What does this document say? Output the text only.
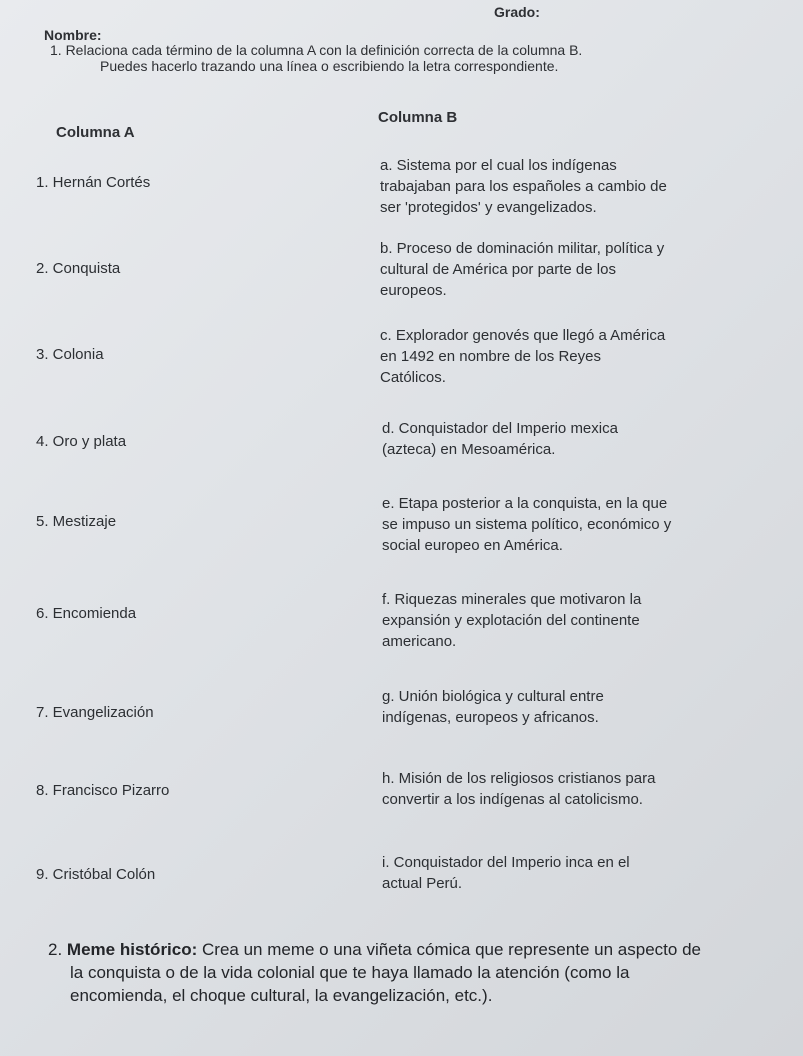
Grado:
Nombre:
1. Relaciona cada término de la columna A con la definición correcta de la columna B.
Puedes hacerlo trazando una línea o escribiendo la letra correspondiente.
Columna B
Columna A
1. Hernán Cortés
2. Conquista
3. Colonia
4. Oro y plata
5. Mestizaje
6. Encomienda
7. Evangelización
8. Francisco Pizarro
9. Cristóbal Colón
a. Sistema por el cual los indígenas
trabajaban para los españoles a cambio de
ser 'protegidos' y evangelizados.
b. Proceso de dominación militar, política y
cultural de América por parte de los
europeos.
c. Explorador genovés que llegó a América
en 1492 en nombre de los Reyes
Católicos.
d. Conquistador del Imperio mexica
(azteca) en Mesoamérica.
e. Etapa posterior a la conquista, en la que
se impuso un sistema político, económico y
social europeo en América.
f. Riquezas minerales que motivaron la
expansión y explotación del continente
americano.
g. Unión biológica y cultural entre
indígenas, europeos y africanos.
h. Misión de los religiosos cristianos para
convertir a los indígenas al catolicismo.
i. Conquistador del Imperio inca en el
actual Perú.
2. Meme histórico: Crea un meme o una viñeta cómica que represente un aspecto de
la conquista o de la vida colonial que te haya llamado la atención (como la
encomienda, el choque cultural, la evangelización, etc.).
